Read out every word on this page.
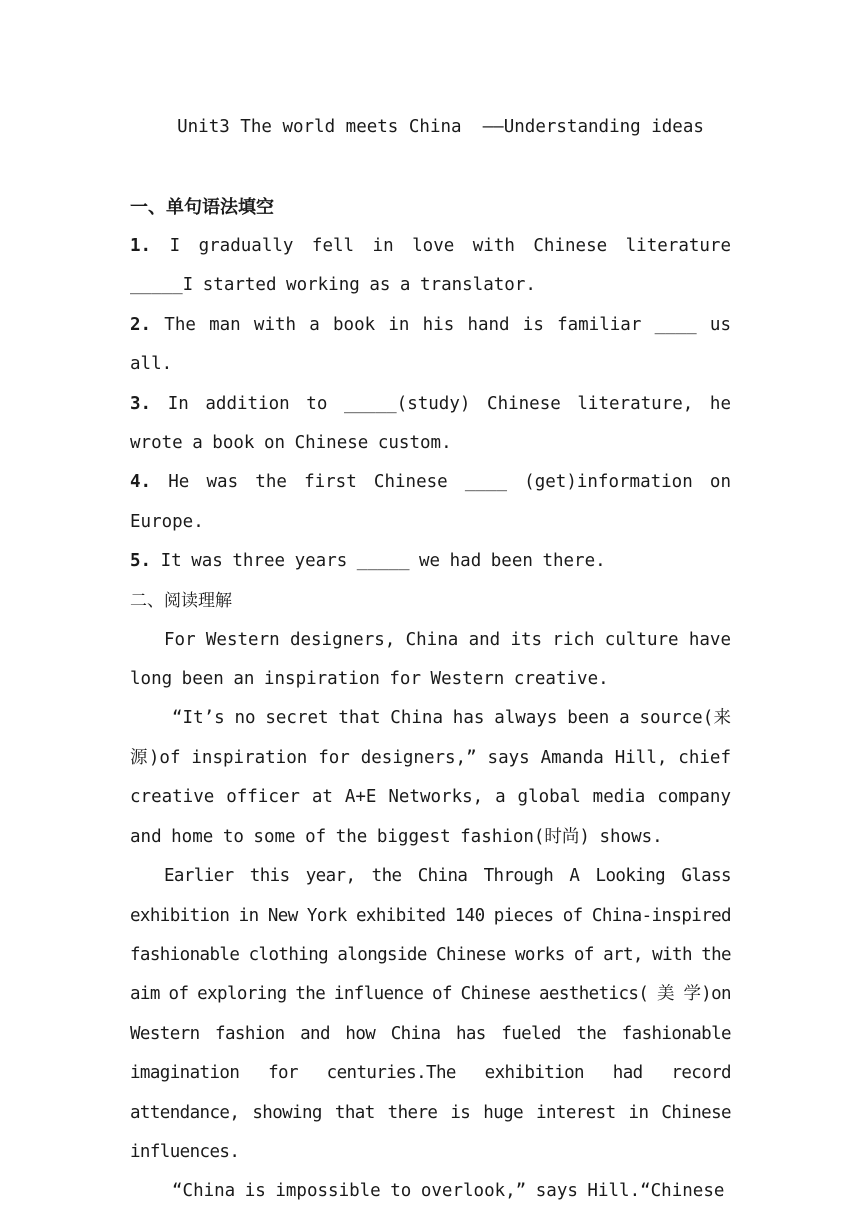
Unit3 The world meets China  ——Understanding ideas
一、单句语法填空
1. I gradually fell in love with Chinese literature _____I started working as a translator.
2. The man with a book in his hand is familiar ____ us all.
3. In addition to _____(study) Chinese literature, he wrote a book on Chinese custom.
4. He was the first Chinese ____ (get)information on Europe.
5. It was three years _____ we had been there.
二、阅读理解
For Western designers, China and its rich culture have long been an inspiration for Western creative.
“It’s no secret that China has always been a source(来源)of inspiration for designers,” says Amanda Hill, chief creative officer at A+E Networks, a global media company and home to some of the biggest fashion(时尚) shows.
Earlier this year, the China Through A Looking Glass exhibition in New York exhibited 140 pieces of China-inspired fashionable clothing alongside Chinese works of art, with the aim of exploring the influence of Chinese aesthetics( 美 学)on Western fashion and how China has fueled the fashionable imagination for centuries.The exhibition had record attendance, showing that there is huge interest in Chinese influences.
“China is impossible to overlook,” says Hill.“Chinese
